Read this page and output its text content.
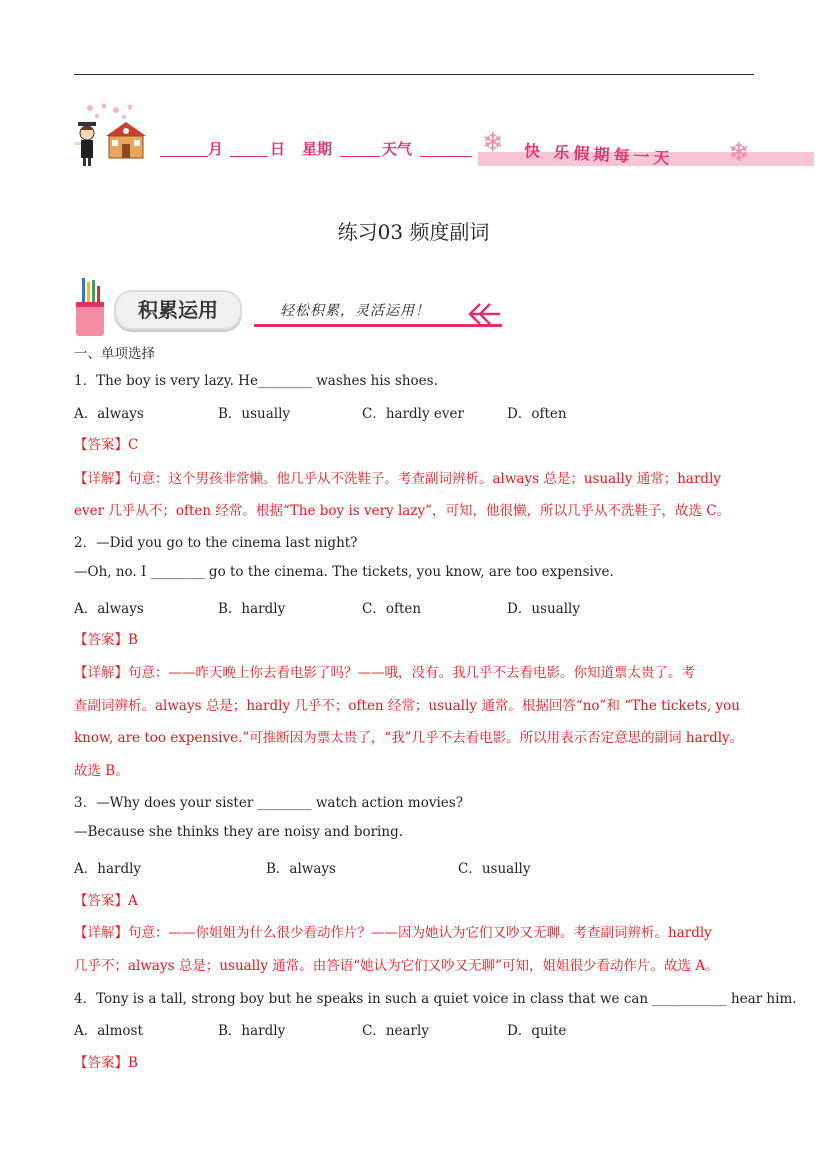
月	日 星期	天气	❄ 快 乐假期每一天 ❄
练习03 频度副词
积累运用	轻松积累，灵活运用！
一、单项选择
1．The boy is very lazy. He________ washes his shoes.
A．always	B．usually	C．hardly ever	D．often
【答案】C
【详解】句意：这个男孩非常懒。他几乎从不洗鞋子。考查副词辨析。always 总是；usually 通常；hardly
ever 几乎从不；often 经常。根据“The boy is very lazy”，可知，他很懒，所以几乎从不洗鞋子，故选 C。
2．—Did you go to the cinema last night?
—Oh, no. I ________ go to the cinema. The tickets, you know, are too expensive.
A．always	B．hardly	C．often	D．usually
【答案】B
【详解】句意：——昨天晚上你去看电影了吗？——哦，没有。我几乎不去看电影。你知道票太贵了。考
查副词辨析。always 总是；hardly 几乎不；often 经常；usually 通常。根据回答“no”和 “The tickets, you
know, are too expensive.”可推断因为票太贵了，“我”几乎不去看电影。所以用表示否定意思的副词 hardly。
故选 B。
3．—Why does your sister ________ watch action movies?
—Because she thinks they are noisy and boring.
A．hardly	B．always	C．usually
【答案】A
【详解】句意：——你姐姐为什么很少看动作片？——因为她认为它们又吵又无聊。考查副词辨析。hardly
几乎不；always 总是；usually 通常。由答语“她认为它们又吵又无聊”可知，姐姐很少看动作片。故选 A。
4．Tony is a tall, strong boy but he speaks in such a quiet voice in class that we can ___________ hear him.
A．almost	B．hardly	C．nearly	D．quite
【答案】B
